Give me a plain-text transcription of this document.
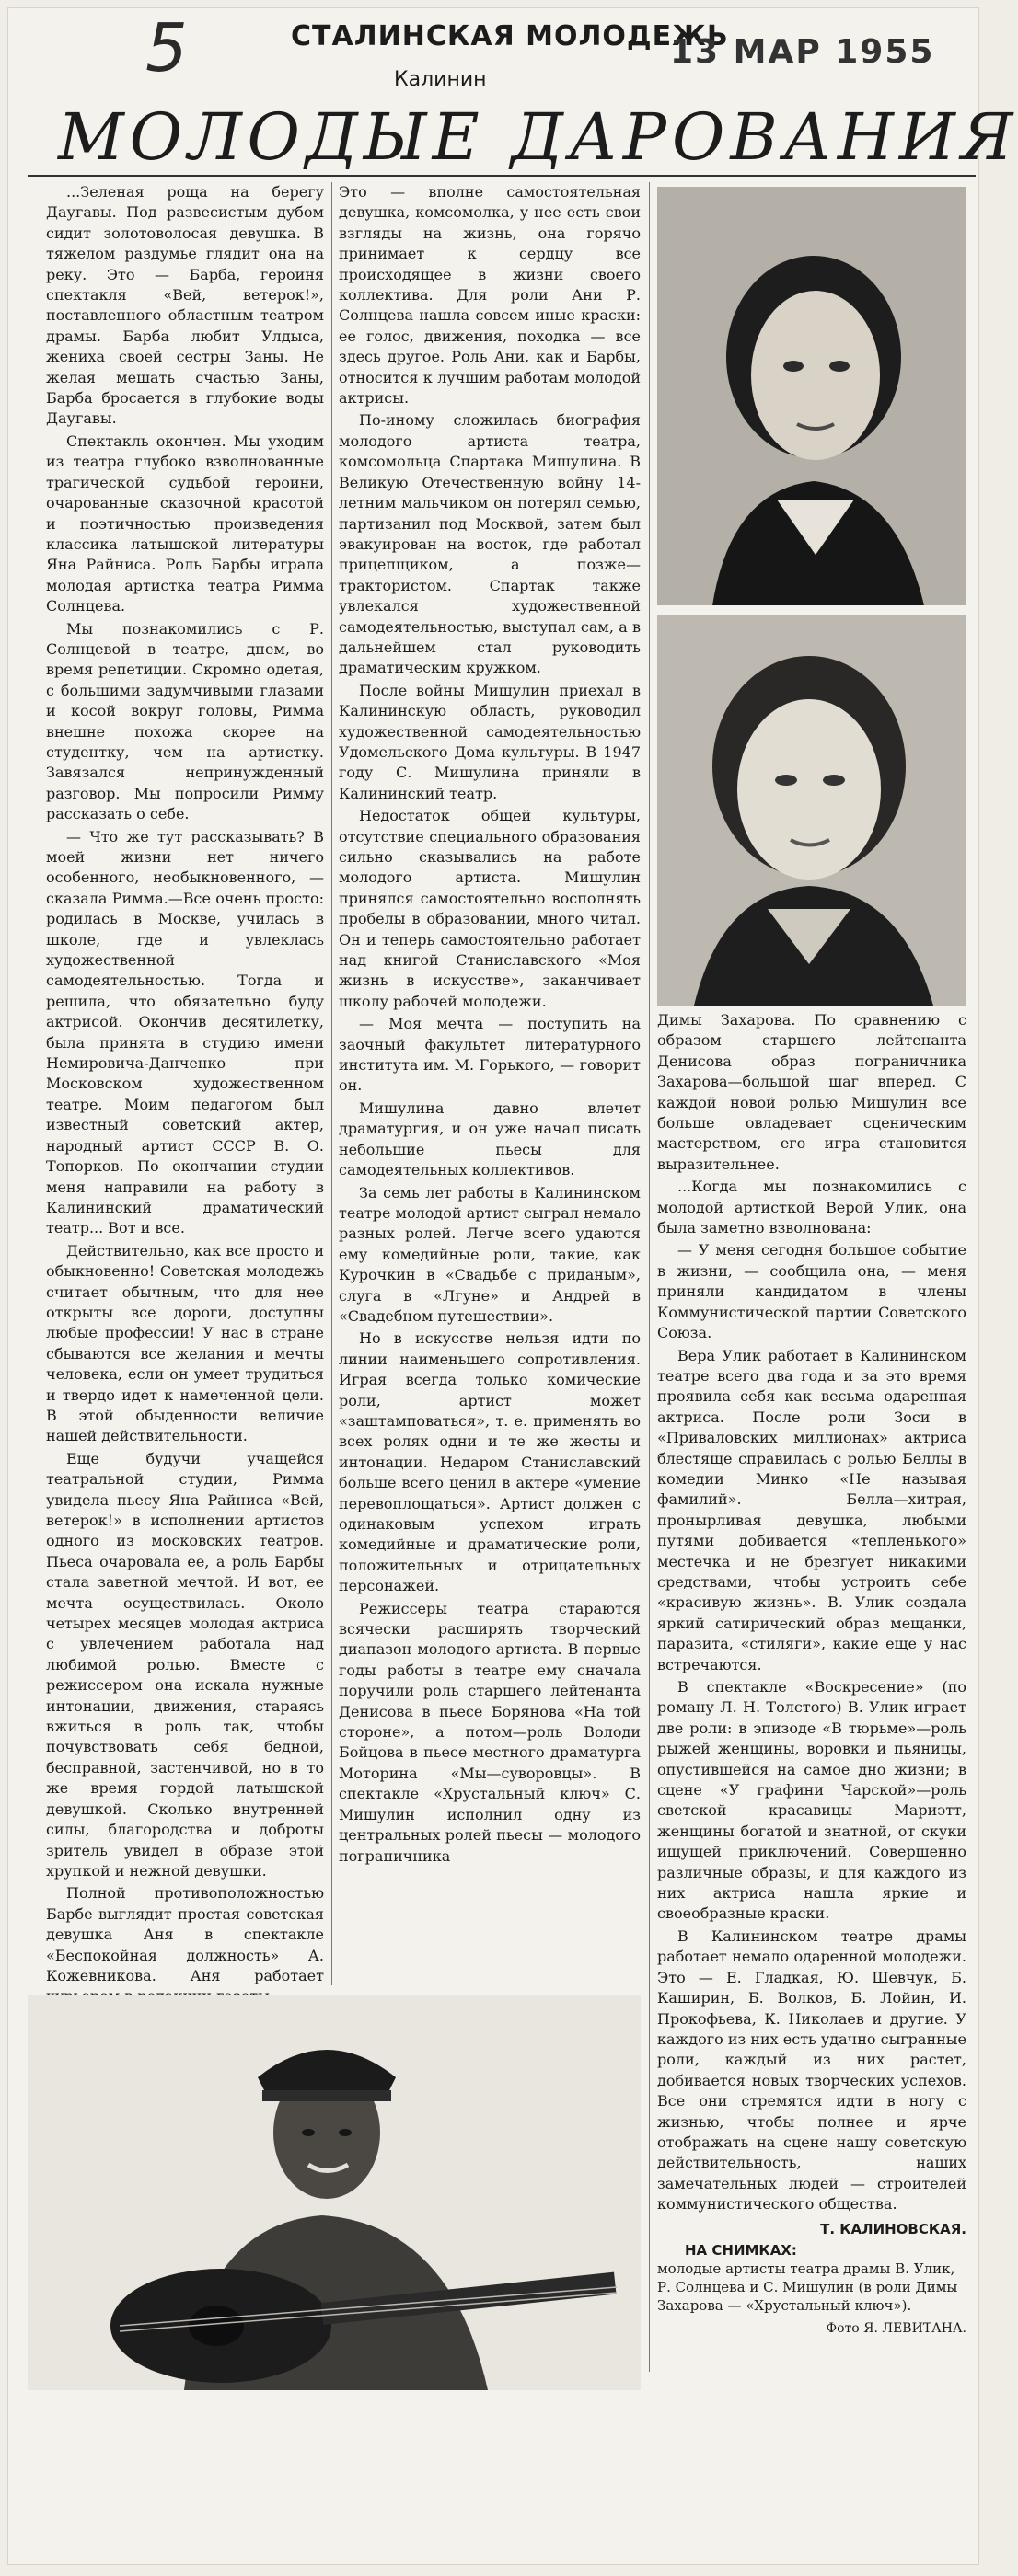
5	СТАЛИНСКАЯ МОЛОДЕЖЬ
Калинин
13 МАР 1955
МОЛОДЫЕ ДАРОВАНИЯ

...Зеленая роща на берегу Даугавы. Под развесистым дубом сидит золотоволосая девушка. В тяжелом раздумье глядит она на реку. Это — Барба, героиня спектакля «Вей, ветерок!», поставленного областным театром драмы. Барба любит Улдыса, жениха своей сестры Заны. Не желая мешать счастью Заны, Барба бросается в глубокие воды Даугавы.

Спектакль окончен. Мы уходим из театра глубоко взволнованные трагической судьбой героини, очарованные сказочной красотой и поэтичностью произведения классика латышской литературы Яна Райниса. Роль Барбы играла молодая артистка театра Римма Солнцева.

Мы познакомились с Р. Солнцевой в театре, днем, во время репетиции. Скромно одетая, с большими задумчивыми глазами и косой вокруг головы, Римма внешне похожа скорее на студентку, чем на артистку. Завязался непринужденный разговор. Мы попросили Римму рассказать о себе.

— Что же тут рассказывать? В моей жизни нет ничего особенного, необыкновенного, — сказала Римма.—Все очень просто: родилась в Москве, училась в школе, где и увлеклась художественной самодеятельностью. Тогда и решила, что обязательно буду актрисой. Окончив десятилетку, была принята в студию имени Немировича-Данченко при Московском художественном театре. Моим педагогом был известный советский актер, народный артист СССР В. О. Топорков. По окончании студии меня направили на работу в Калининский драматический театр... Вот и все.

Действительно, как все просто и обыкновенно! Советская молодежь считает обычным, что для нее открыты все дороги, доступны любые профессии! У нас в стране сбываются все желания и мечты человека, если он умеет трудиться и твердо идет к намеченной цели. В этой обыденности величие нашей действительности.

Еще будучи учащейся театральной студии, Римма увидела пьесу Яна Райниса «Вей, ветерок!» в исполнении артистов одного из московских театров. Пьеса очаровала ее, а роль Барбы стала заветной мечтой. И вот, ее мечта осуществилась. Около четырех месяцев молодая актриса с увлечением работала над любимой ролью. Вместе с режиссером она искала нужные интонации, движения, стараясь вжиться в роль так, чтобы почувствовать себя бедной, бесправной, застенчивой, но в то же время гордой латышской девушкой. Сколько внутренней силы, благородства и доброты зритель увидел в образе этой хрупкой и нежной девушки.

Полной противоположностью Барбе выглядит простая советская девушка Аня в спектакле «Беспокойная должность» А. Кожевникова. Аня работает

Это — вполне самостоятельная девушка, комсомолка, у нее есть свои взгляды на жизнь, она горячо принимает к сердцу все происходящее в жизни своего коллектива. Для роли Ани Р. Солнцева нашла совсем иные краски: ее голос, движения, походка — все здесь другое. Роль Ани, как и Барбы, относится к лучшим работам молодой актрисы.

По-иному сложилась биография молодого артиста театра, комсомольца Спартака Мишулина. В Великую Отечественную войну 14-летним мальчиком он потерял семью, партизанил под Москвой, затем был эвакуирован на восток, где работал прицепщиком, а позже—трактористом. Спартак также увлекался художественной самодеятельностью, выступал сам, а в дальнейшем стал руководить драматическим кружком.

После войны Мишулин приехал в Калининскую область, руководил художественной самодеятельностью Удомельского Дома культуры. В 1947 году С. Мишулина приняли в Калининский театр.

Недостаток общей культуры, отсутствие специального образования сильно сказывались на работе молодого артиста. Мишулин принялся самостоятельно восполнять пробелы в образовании, много читал. Он и теперь самостоятельно работает над книгой Станиславского «Моя жизнь в искусстве», заканчивает школу рабочей молодежи.

— Моя мечта — поступить на заочный факультет литературного института им. М. Горького, — говорит он.

Мишулина давно влечет драматургия, и он уже начал писать небольшие пьесы для самодеятельных коллективов.

За семь лет работы в Калининском театре молодой артист сыграл немало разных ролей. Легче всего удаются ему комедийные роли, такие, как Курочкин в «Свадьбе с приданым», слуга в «Лгуне» и Андрей в «Свадебном путешествии».

Но в искусстве нельзя идти по линии наименьшего сопротивления. Играя всегда только комические роли, артист может «заштамповаться», т. е. применять во всех ролях одни и те же жесты и интонации. Недаром Станиславский больше всего ценил в актере «умение перевоплощаться». Артист должен с одинаковым успехом играть комедийные и драматические роли, положительных и отрицательных персонажей.

Режиссеры театра стараются всячески расширять творческий диапазон молодого артиста. В первые годы работы в театре ему сначала поручили роль старшего лейтенанта Денисова в пьесе Борянова «На той стороне», а потом—роль Володи Бойцова в пьесе местного драматурга Моторина «Мы—суворовцы». В спектакле «Хрустальный ключ» С. Мишулин исполнил одну из центральных ролей пьесы — молодого пограничника

Димы Захарова. По сравнению с образом старшего лейтенанта Денисова образ пограничника Захарова—большой шаг вперед. С каждой новой ролью Мишулин все больше овладевает сценическим мастерством, его игра становится выразительнее.

...Когда мы познакомились с молодой артисткой Верой Улик, она была заметно взволнована:

— У меня сегодня большое событие в жизни, — сообщила она, — меня приняли кандидатом в члены Коммунистической партии Советского Союза.

Вера Улик работает в Калининском театре всего два года и за это время проявила себя как весьма одаренная актриса. После роли Зоси в «Приваловских миллионах» актриса блестяще справилась с ролью Беллы в комедии Минко «Не называя фамилий». Белла—хитрая, пронырливая девушка, любыми путями добивается «тепленького» местечка и не брезгует никакими средствами, чтобы устроить себе «красивую жизнь». В. Улик создала яркий сатирический образ мещанки, паразита, «стиляги», какие еще у нас встречаются.

В спектакле «Воскресение» (по роману Л. Н. Толстого) В. Улик играет две роли: в эпизоде «В тюрьме»—роль рыжей женщины, воровки и пьяницы, опустившейся на самое дно жизни; в сцене «У графини Чарской»—роль светской красавицы Мариэтт, женщины богатой и знатной, от скуки ищущей приключений. Совершенно различные образы, и для каждого из них актриса нашла яркие и своеобразные краски.

В Калининском театре драмы работает немало одаренной молодежи. Это — Е. Гладкая, Ю. Шевчук, Б. Каширин, Б. Волков, Б. Лойин, И. Прокофьева, К. Николаев и другие. У каждого из них есть удачно сыгранные роли, каждый из них растет, добивается новых творческих успехов. Все они стремятся идти в ногу с жизнью, чтобы полнее и ярче отображать на сцене нашу советскую действительность, наших замечательных людей — строителей коммунистического общества.

Т. КАЛИНОВСКАЯ.

НА СНИМКАХ:
молодые артисты театра драмы В. Улик, Р. Солнцева и С. Мишулин (в роли Димы Захарова — «Хрустальный ключ»).

Фото Я. ЛЕВИТАНА.
